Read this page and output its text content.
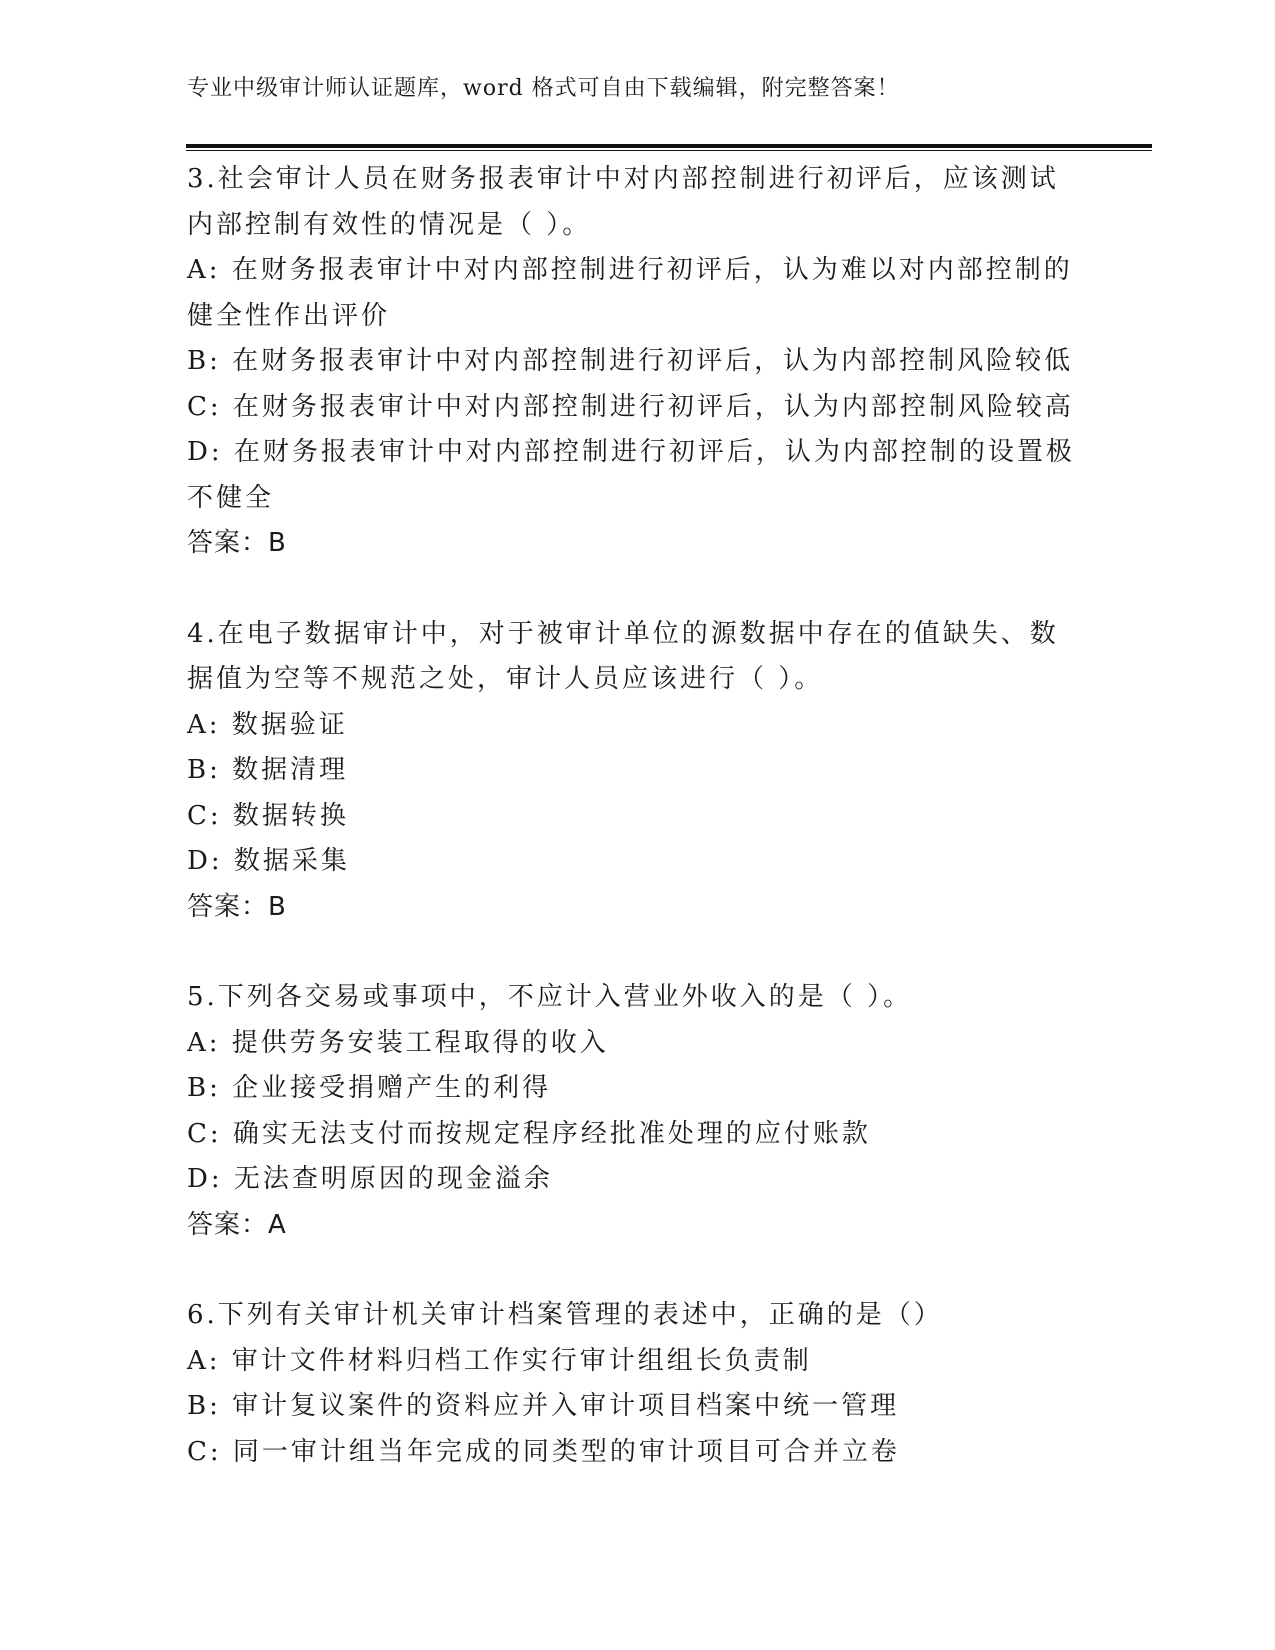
专业中级审计师认证题库，word 格式可自由下载编辑，附完整答案！
3.社会审计人员在财务报表审计中对内部控制进行初评后，应该测试
内部控制有效性的情况是（ ）。
A: 在财务报表审计中对内部控制进行初评后，认为难以对内部控制的
健全性作出评价
B: 在财务报表审计中对内部控制进行初评后，认为内部控制风险较低
C: 在财务报表审计中对内部控制进行初评后，认为内部控制风险较高
D: 在财务报表审计中对内部控制进行初评后，认为内部控制的设置极
不健全
答案：B
4.在电子数据审计中，对于被审计单位的源数据中存在的值缺失、数
据值为空等不规范之处，审计人员应该进行（ ）。
A: 数据验证
B: 数据清理
C: 数据转换
D: 数据采集
答案：B
5.下列各交易或事项中，不应计入营业外收入的是（ ）。
A: 提供劳务安装工程取得的收入
B: 企业接受捐赠产生的利得
C: 确实无法支付而按规定程序经批准处理的应付账款
D: 无法查明原因的现金溢余
答案：A
6.下列有关审计机关审计档案管理的表述中，正确的是（）
A: 审计文件材料归档工作实行审计组组长负责制
B: 审计复议案件的资料应并入审计项目档案中统一管理
C: 同一审计组当年完成的同类型的审计项目可合并立卷
